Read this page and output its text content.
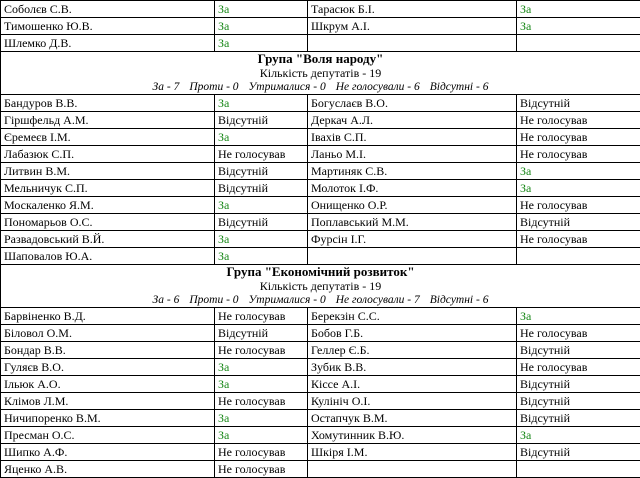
Соболєв С.В.	За	Тарасюк Б.І.	За
Тимошенко Ю.В.	За	Шкрум А.І.	За
Шлемко Д.В.	За		
Група "Воля народу"			
Кількість депутатів - 19			
За - 7 Проти - 0 Утрималися - 0 Не голосували - 6 Відсутні - 6			
Бандуров В.В.	За	Богуслаєв В.О.	Відсутній
Гіршфельд А.М.	Відсутній	Деркач А.Л.	Не голосував
Єремеєв І.М.	За	Івахів С.П.	Не голосував
Лабазюк С.П.	Не голосував	Ланьо М.І.	Не голосував
Литвин В.М.	Відсутній	Мартиняк С.В.	За
Мельничук С.П.	Відсутній	Молоток І.Ф.	За
Москаленко Я.М.	За	Онищенко О.Р.	Не голосував
Пономарьов О.С.	Відсутній	Поплавський М.М.	Відсутній
Развадовський В.Й.	За	Фурсін І.Г.	Не голосував
Шаповалов Ю.А.	За		
Група "Економічний розвиток"			
Кількість депутатів - 19			
За - 6 Проти - 0 Утрималися - 0 Не голосували - 7 Відсутні - 6			
Барвіненко В.Д.	Не голосував	Берекзін С.С.	За
Біловол О.М.	Відсутній	Бобов Г.Б.	Не голосував
Бондар В.В.	Не голосував	Геллер Є.Б.	Відсутній
Гуляєв В.О.	За	Зубик В.В.	Не голосував
Ільюк А.О.	За	Кіссе А.І.	Відсутній
Клімов Л.М.	Не голосував	Кулініч О.І.	Відсутній
Ничипоренко В.М.	За	Остапчук В.М.	Відсутній
Пресман О.С.	За	Хомутинник В.Ю.	За
Шипко А.Ф.	Не голосував	Шкіря І.М.	Відсутній
Яценко А.В.	Не голосував		
